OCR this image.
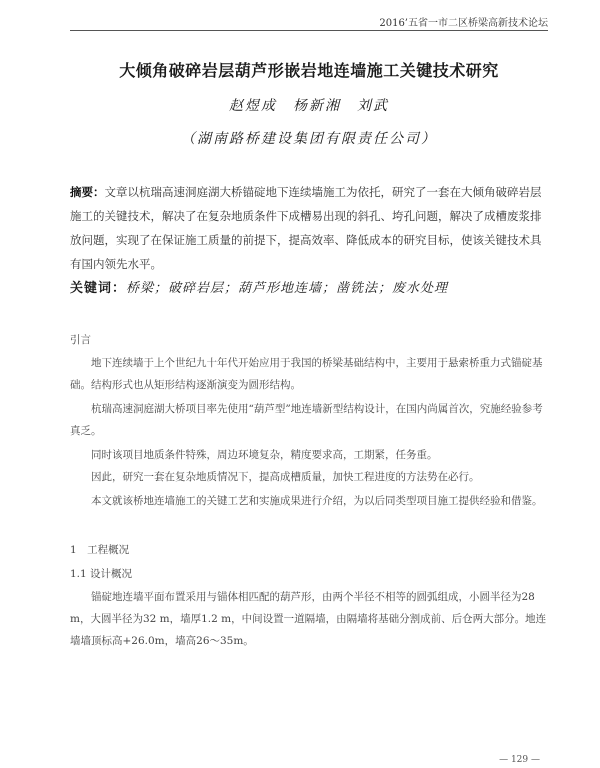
2016’五省一市二区桥梁高新技术论坛
大倾角破碎岩层葫芦形嵌岩地连墙施工关键技术研究
赵煜成　杨新湘　刘武
（湖南路桥建设集团有限责任公司）
摘要：文章以杭瑞高速洞庭湖大桥锚碇地下连续墙施工为依托，研究了一套在大倾角破碎岩层施工的关键技术，解决了在复杂地质条件下成槽易出现的斜孔、垮孔问题，解决了成槽废浆排放问题，实现了在保证施工质量的前提下，提高效率、降低成本的研究目标，使该关键技术具有国内领先水平。
关键词：桥梁；破碎岩层；葫芦形地连墙；凿铣法；废水处理
引言
地下连续墙于上个世纪九十年代开始应用于我国的桥梁基础结构中，主要用于悬索桥重力式锚碇基础。结构形式也从矩形结构逐渐演变为圆形结构。
杭瑞高速洞庭湖大桥项目率先使用“葫芦型”地连墙新型结构设计，在国内尚属首次，究施经验参考真乏。
同时该项目地质条件特殊，周边环境复杂，精度要求高，工期紧，任务重。
因此，研究一套在复杂地质情况下，提高成槽质量，加快工程进度的方法势在必行。
本文就该桥地连墙施工的关键工艺和实施成果进行介绍，为以后同类型项目施工提供经验和借鉴。
1　工程概况
1.1 设计概况
锚碇地连墙平面布置采用与锚体相匹配的葫芦形，由两个半径不相等的圆弧组成，小圆半径为28 m，大圆半径为32 m，墙厚1.2 m，中间设置一道隔墙，由隔墙将基础分割成前、后仓两大部分。地连墙墙顶标高+26.0m，墙高26～35m。
— 129 —
